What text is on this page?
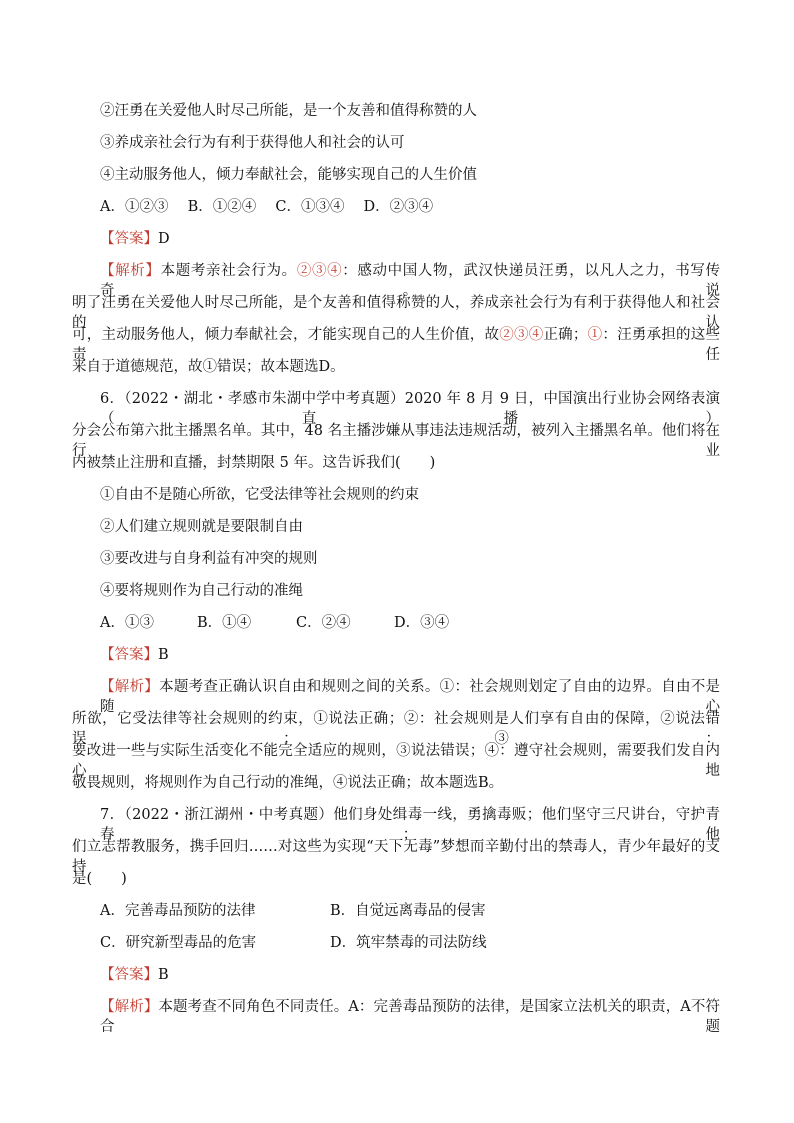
②汪勇在关爱他人时尽己所能，是一个友善和值得称赞的人
③养成亲社会行为有利于获得他人和社会的认可
④主动服务他人，倾力奉献社会，能够实现自己的人生价值
A．①②③　 B．①②④　 C．①③④　 D．②③④
【答案】D
【解析】本题考亲社会行为。②③④：感动中国人物，武汉快递员汪勇，以凡人之力，书写传奇。说
明了汪勇在关爱他人时尽己所能，是个友善和值得称赞的人，养成亲社会行为有利于获得他人和社会的认
可，主动服务他人，倾力奉献社会，才能实现自己的人生价值，故②③④正确；①：汪勇承担的这些责任
来自于道德规范，故①错误；故本题选D。
6．（2022・湖北・孝感市朱湖中学中考真题）2020 年 8 月 9 日，中国演出行业协会网络表演（直播）
分会公布第六批主播黑名单。其中，48 名主播涉嫌从事违法违规活动，被列入主播黑名单。他们将在行业
内被禁止注册和直播，封禁期限 5 年。这告诉我们(　　)
①自由不是随心所欲，它受法律等社会规则的约束
②人们建立规则就是要限制自由
③要改进与自身利益有冲突的规则
④要将规则作为自己行动的准绳
A．①③	B．①④	C．②④	D．③④
【答案】B
【解析】本题考查正确认识自由和规则之间的关系。①：社会规则划定了自由的边界。自由不是随心
所欲，它受法律等社会规则的约束，①说法正确；②：社会规则是人们享有自由的保障，②说法错误；③：
要改进一些与实际生活变化不能完全适应的规则，③说法错误；④：遵守社会规则，需要我们发自内心地
敬畏规则，将规则作为自己行动的准绳，④说法正确；故本题选B。
7．（2022・浙江湖州・中考真题）他们身处缉毒一线，勇擒毒贩；他们坚守三尺讲台，守护青春；他
们立志帮教服务，携手回归……对这些为实现“天下无毒”梦想而辛勤付出的禁毒人，青少年最好的支持
是(　　)
A．完善毒品预防的法律	B．自觉远离毒品的侵害
C．研究新型毒品的危害	D．筑牢禁毒的司法防线
【答案】B
【解析】本题考查不同角色不同责任。A：完善毒品预防的法律，是国家立法机关的职责，A不符合题
